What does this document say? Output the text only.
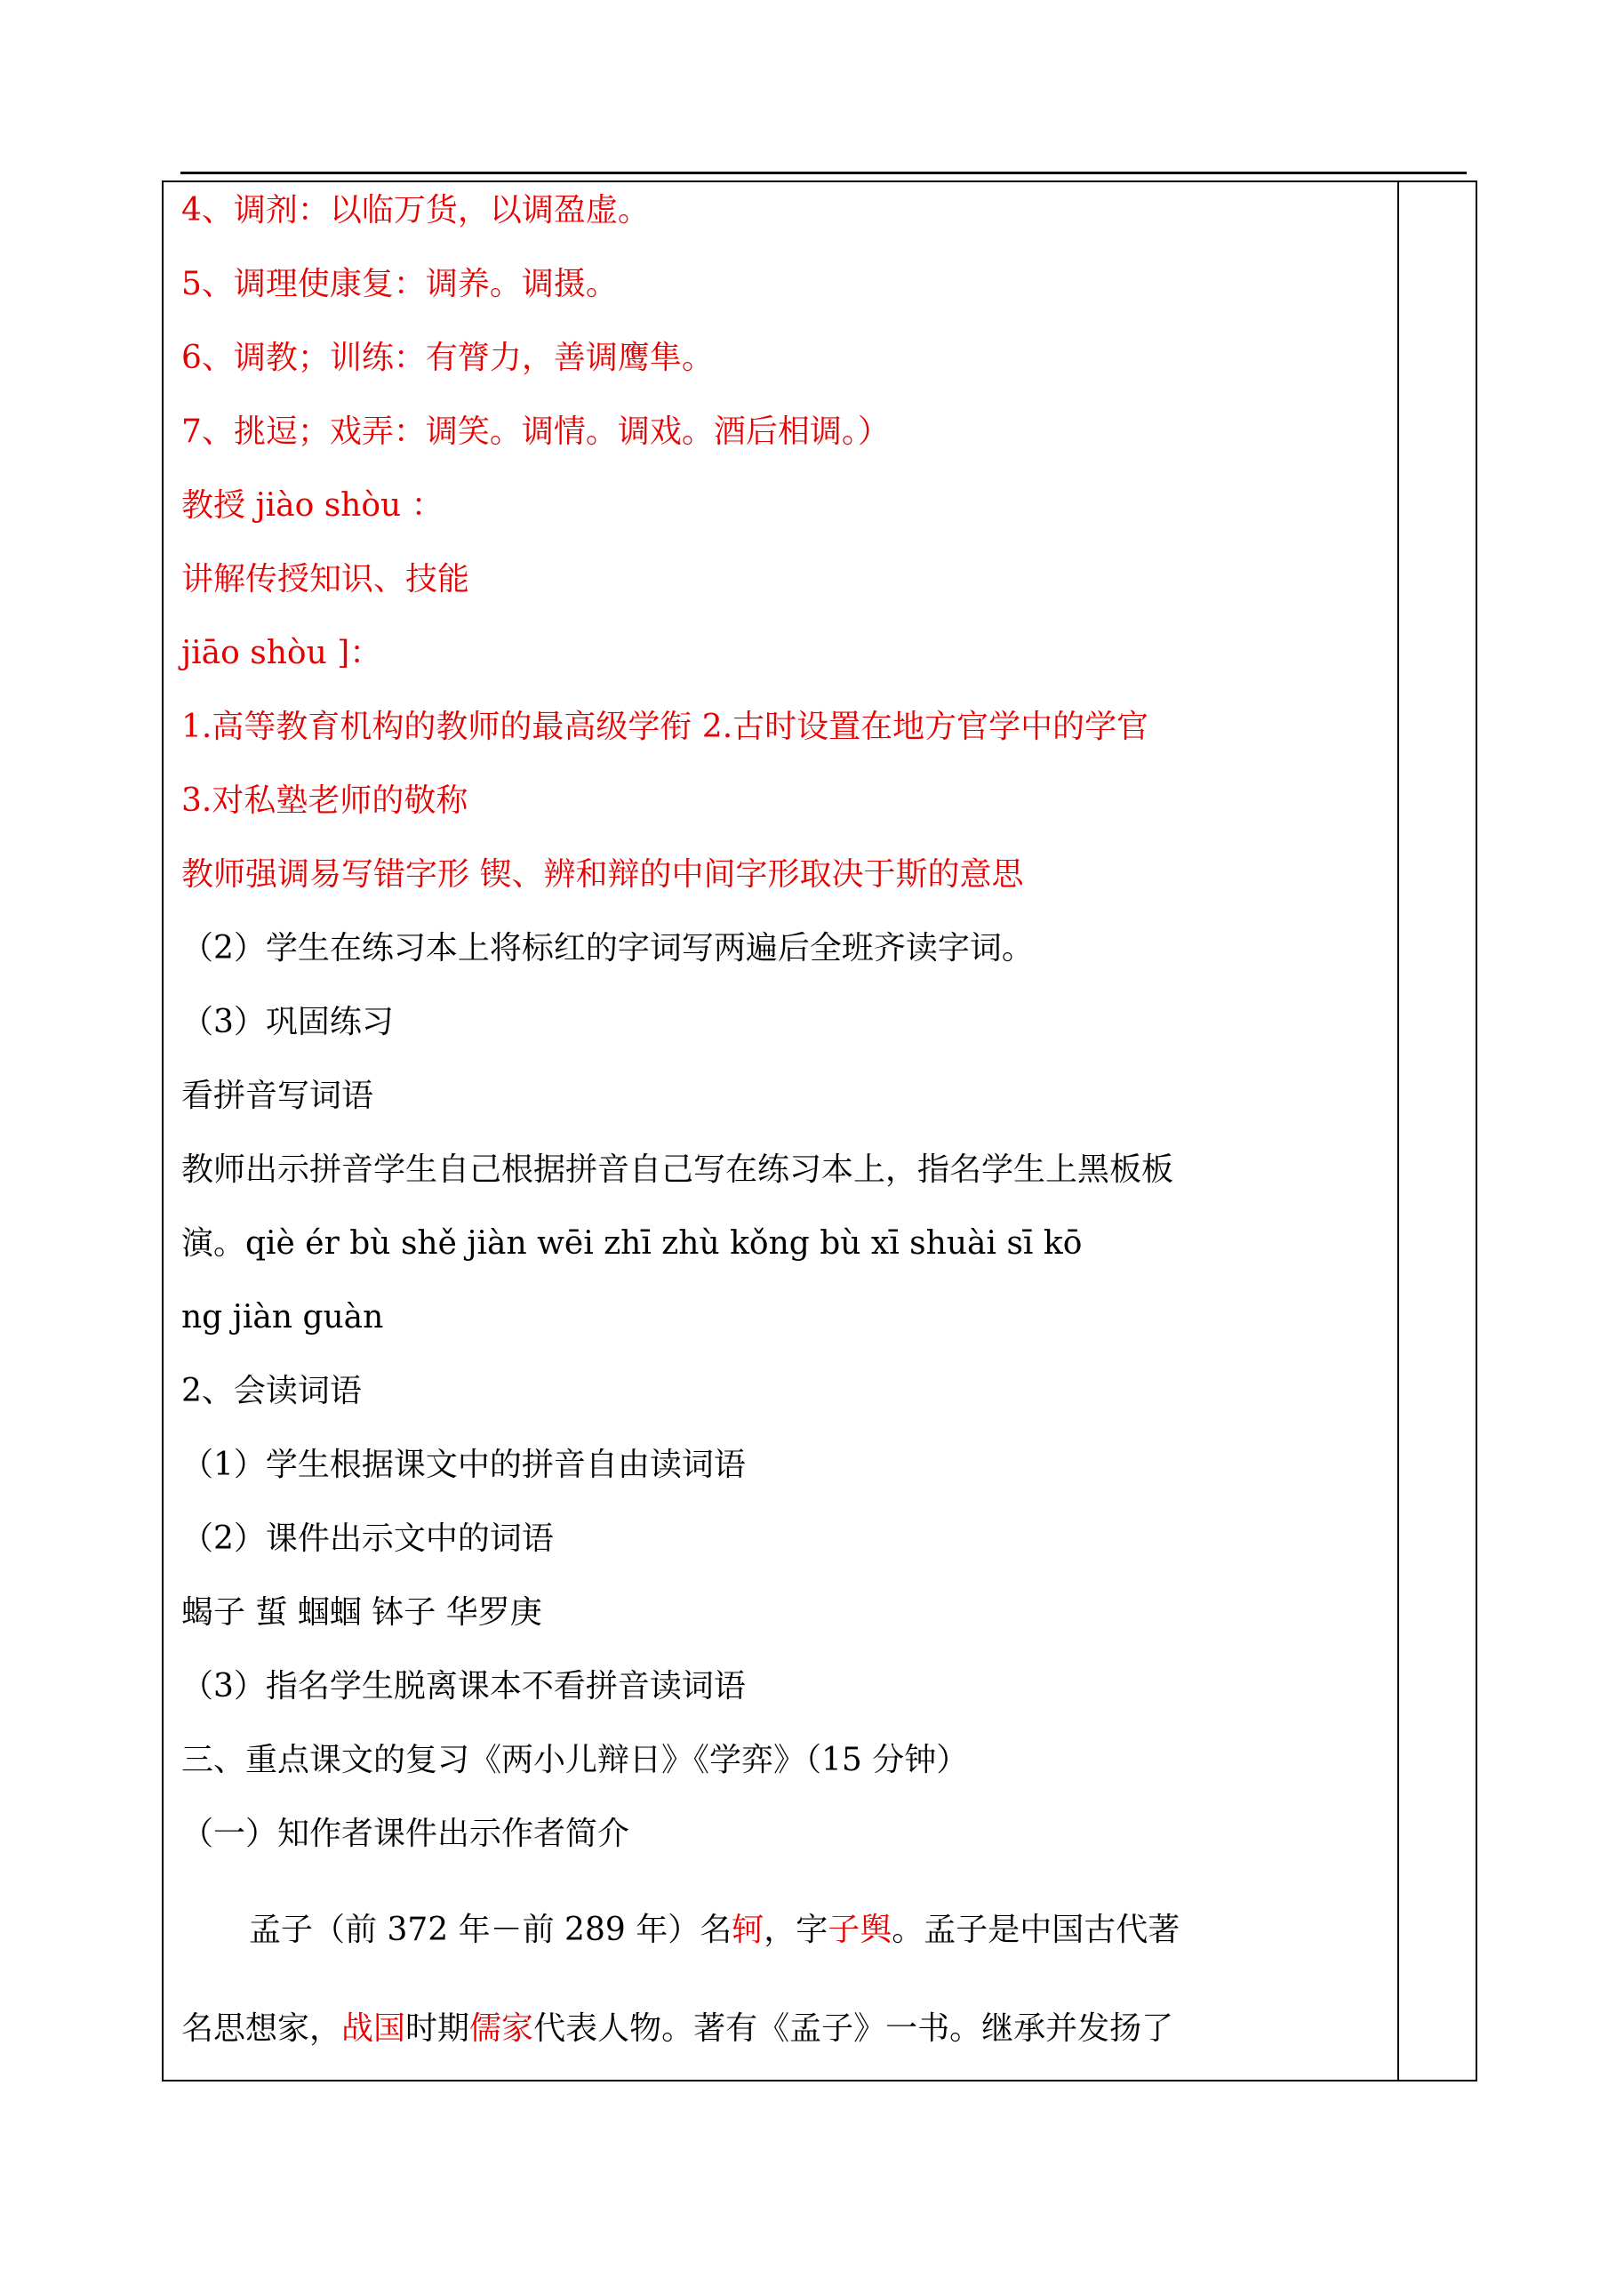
4、调剂：以临万货，以调盈虚。
5、调理使康复：调养。调摄。
6、调教；训练：有膂力，善调鹰隼。
7、挑逗；戏弄：调笑。调情。调戏。酒后相调。）
教授 jiào shòu ：
讲解传授知识、技能
jiāo shòu ]：
1.高等教育机构的教师的最高级学衔 2.古时设置在地方官学中的学官
3.对私塾老师的敬称
教师强调易写错字形 锲、辨和辩的中间字形取决于斯的意思
（2）学生在练习本上将标红的字词写两遍后全班齐读字词。
（3）巩固练习
看拼音写词语
教师出示拼音学生自己根据拼音自己写在练习本上，指名学生上黑板板
演。qiè ér bù shě jiàn wēi zhī zhù kǒng bù xī shuài sī kō
ng jiàn guàn
2、会读词语
（1）学生根据课文中的拼音自由读词语
（2）课件出示文中的词语
蝎子 蜇 蝈蝈 钵子 华罗庚
（3）指名学生脱离课本不看拼音读词语
三、重点课文的复习《两小儿辩日》《学弈》（15 分钟）
（一）知作者课件出示作者简介
孟子（前 372 年－前 289 年）名轲，字子舆。孟子是中国古代著
名思想家，战国时期儒家代表人物。著有《孟子》一书。继承并发扬了
